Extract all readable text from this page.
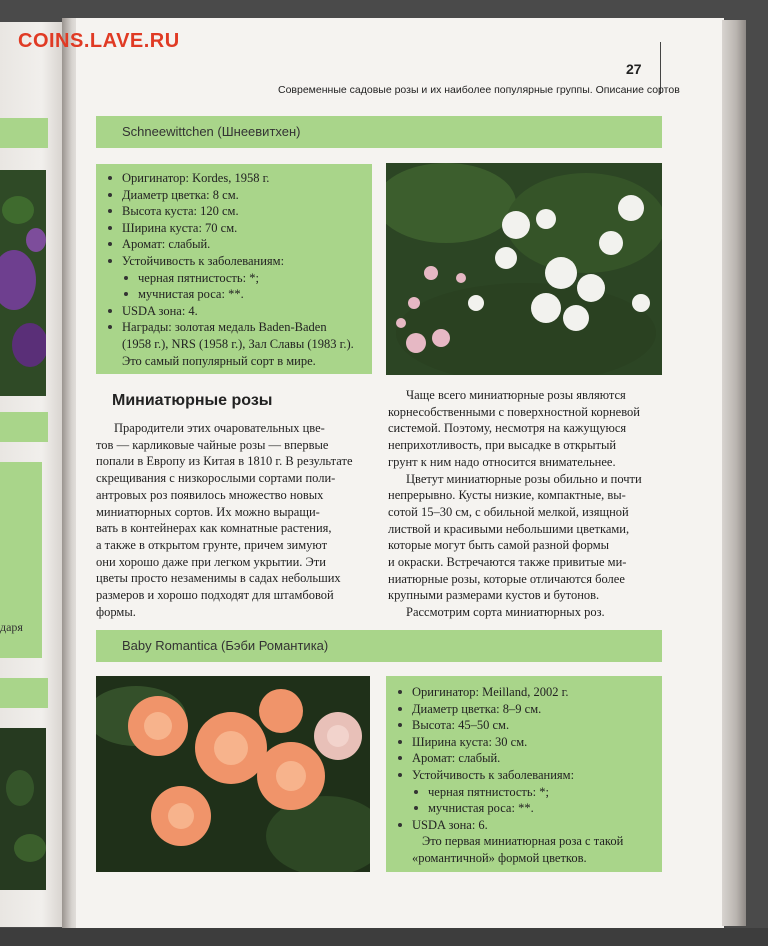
дaря
COINS.LAVE.RU
27
Современные садовые розы и их наиболее популярные группы. Описание сортов
Schneewittchen (Шнеевитхен)
Оригинатор: Kordes, 1958 г.
Диаметр цветка: 8 см.
Высота куста: 120 см.
Ширина куста: 70 см.
Аромат: слабый.
Устойчивость к заболеваниям:
черная пятнистость: *;
мучнистая роса: **.
USDA зона: 4.
Награды: золотая медаль Baden-Baden
(1958 г.), NRS (1958 г.), Зал Славы (1983 г.).
Это самый популярный сорт в мире.
Миниатюрные розы
Прародители этих очаровательных цве-
тов — карликовые чайные розы — впервые
попали в Европу из Китая в 1810 г. В результате
скрещивания с низкорослыми сортами поли-
антровых роз появилось множество новых
миниатюрных сортов. Их можно выращи-
вать в контейнерах как комнатные растения,
а также в открытом грунте, причем зимуют
они хорошо даже при легком укрытии. Эти
цветы просто незаменимы в садах небольших
размеров и хорошо подходят для штамбовой
формы.
Чаще всего миниатюрные розы являются
корнесобственными с поверхностной корневой
системой. Поэтому, несмотря на кажущуюся
неприхотливость, при высадке в открытый
грунт к ним надо относится внимательнее.
Цветут миниатюрные розы обильно и почти
непрерывно. Кусты низкие, компактные, вы-
сотой 15–30 см, с обильной мелкой, изящной
листвой и красивыми небольшими цветками,
которые могут быть самой разной формы
и окраски. Встречаются также привитые ми-
ниатюрные розы, которые отличаются более
крупными размерами кустов и бутонов.
Рассмотрим сорта миниатюрных роз.
Baby Romantica (Бэби Романтика)
Оригинатор: Meilland, 2002 г.
Диаметр цветка: 8–9 см.
Высота: 45–50 см.
Ширина куста: 30 см.
Аромат: слабый.
Устойчивость к заболеваниям:
черная пятнистость: *;
мучнистая роса: **.
USDA зона: 6.
Это первая миниатюрная роза с такой
«романтичной» формой цветков.
